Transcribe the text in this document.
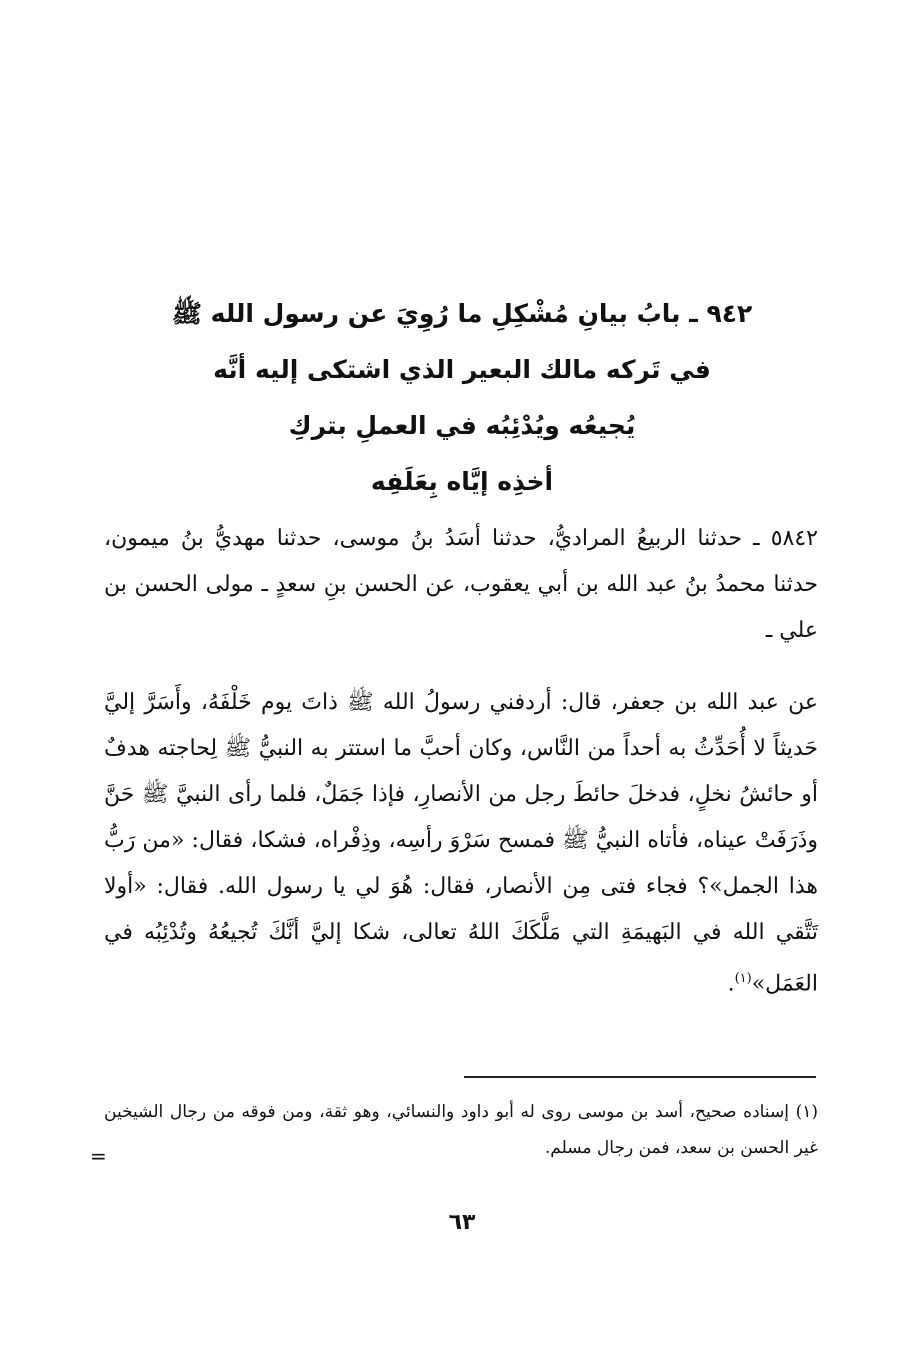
٩٤٢ ـ بابُ بيانِ مُشْكِلِ ما رُوِيَ عن رسول الله ﷺ

في تَركه مالك البعير الذي اشتكى إليه أنَّه

يُجيعُه ويُدْئِبُه في العملِ بتركِ

أخذِه إيَّاه بِعَلَفِه

٥٨٤٢ ـ حدثنا الربيعُ المراديُّ، حدثنا أسَدُ بنُ موسى، حدثنا مهديُّ بنُ ميمون، حدثنا محمدُ بنُ عبد الله بن أبي يعقوب، عن الحسن بنِ سعدٍ ـ مولى الحسن بن علي ـ

عن عبد الله بن جعفر، قال: أردفني رسولُ الله ﷺ ذاتَ يوم خَلْفَهُ، وأَسَرَّ إليَّ حَديثاً لا أُحَدِّثُ به أحداً من النَّاس، وكان أحبَّ ما استتر به النبيُّ ﷺ لِحاجته هدفٌ أو حائشُ نخلٍ، فدخلَ حائطَ رجل من الأنصارِ، فإذا جَمَلٌ، فلما رأى النبيَّ ﷺ حَنَّ وذَرَفَتْ عيناه، فأتاه النبيُّ ﷺ فمسح سَرْوَ رأسِه، وذِفْراه، فشكا، فقال: «من رَبُّ هذا الجمل»؟ فجاء فتى مِن الأنصار، فقال: هُوَ لي يا رسول الله. فقال: «أولا تَتَّقي الله في البَهيمَةِ التي مَلَّكَكَ اللهُ تعالى، شكا إليَّ أنَّكَ تُجيعُهُ وتُدْئِبُه في العَمَل»$^{(١)}$.

(١) إسناده صحيح، أسد بن موسى روى له أبو داود والنسائي، وهو ثقة، ومن فوقه من رجال الشيخين غير الحسن بن سعد، فمن رجال مسلم.

=
٦٣
